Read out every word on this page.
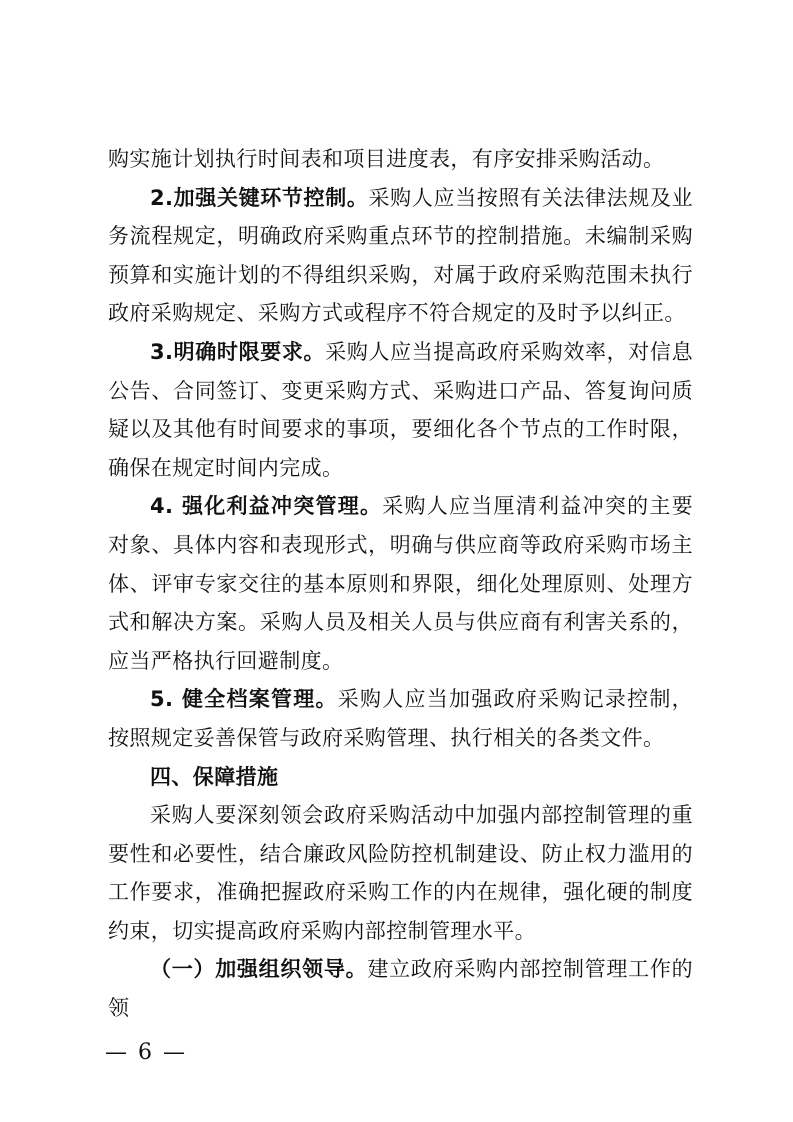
购实施计划执行时间表和项目进度表，有序安排采购活动。

2.加强关键环节控制。采购人应当按照有关法律法规及业务流程规定，明确政府采购重点环节的控制措施。未编制采购预算和实施计划的不得组织采购，对属于政府采购范围未执行政府采购规定、采购方式或程序不符合规定的及时予以纠正。

3.明确时限要求。采购人应当提高政府采购效率，对信息公告、合同签订、变更采购方式、采购进口产品、答复询问质疑以及其他有时间要求的事项，要细化各个节点的工作时限，确保在规定时间内完成。

4. 强化利益冲突管理。采购人应当厘清利益冲突的主要对象、具体内容和表现形式，明确与供应商等政府采购市场主体、评审专家交往的基本原则和界限，细化处理原则、处理方式和解决方案。采购人员及相关人员与供应商有利害关系的，应当严格执行回避制度。

5. 健全档案管理。采购人应当加强政府采购记录控制，按照规定妥善保管与政府采购管理、执行相关的各类文件。

四、保障措施

采购人要深刻领会政府采购活动中加强内部控制管理的重要性和必要性，结合廉政风险防控机制建设、防止权力滥用的工作要求，准确把握政府采购工作的内在规律，强化硬的制度约束，切实提高政府采购内部控制管理水平。

（一）加强组织领导。建立政府采购内部控制管理工作的领

— 6 —
